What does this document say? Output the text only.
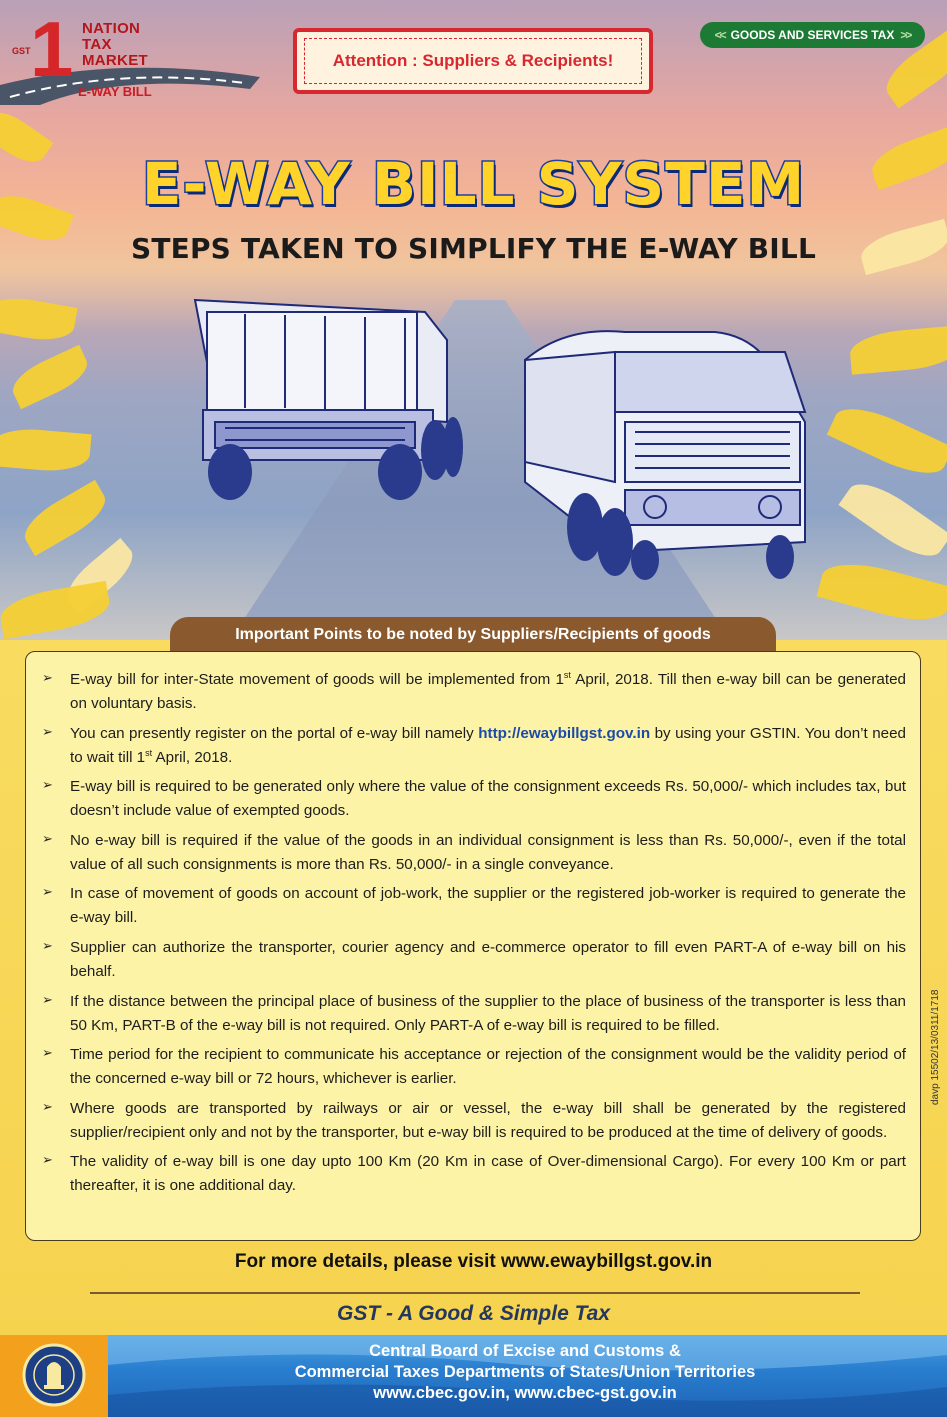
1
GST
NATION
TAX
MARKET
E-WAY BILL
Attention : Suppliers & Recipients!
<< GOODS AND SERVICES TAX >>
E-WAY BILL SYSTEM
STEPS TAKEN TO SIMPLIFY THE E-WAY BILL
Important Points to be noted by Suppliers/Recipients of goods
➢	E-way bill for inter-State movement of goods will be implemented from 1st April, 2018. Till then e-way bill can be generated on voluntary basis.
➢	You can presently register on the portal of e-way bill namely http://ewaybillgst.gov.in by using your GSTIN. You don’t need to wait till 1st April, 2018.
➢	E-way bill is required to be generated only where the value of the consignment exceeds Rs. 50,000/- which includes tax, but doesn’t include value of exempted goods.
➢	No e-way bill is required if the value of the goods in an individual consignment is less than Rs. 50,000/-, even if the total value of all such consignments is more than Rs. 50,000/- in a single conveyance.
➢	In case of movement of goods on account of job-work, the supplier or the registered job-worker is required to generate the e-way bill.
➢	Supplier can authorize the transporter, courier agency and e-commerce operator to fill even PART-A of e-way bill on his behalf.
➢	If the distance between the principal place of business of the supplier to the place of business of the transporter is less than 50 Km, PART-B of the e-way bill is not required. Only PART-A of e-way bill is required to be filled.
➢	Time period for the recipient to communicate his acceptance or rejection of the consignment would be the validity period of the concerned e-way bill or 72 hours, whichever is earlier.
➢	Where goods are transported by railways or air or vessel, the e-way bill shall be generated by the registered supplier/recipient only and not by the transporter, but e-way bill is required to be produced at the time of delivery of goods.
➢	The validity of e-way bill is one day upto 100 Km (20 Km in case of Over-dimensional Cargo). For every 100 Km or part thereafter, it is one additional day.
davp 15502/13/0311/1718
For more details, please visit www.ewaybillgst.gov.in
GST - A Good & Simple Tax
Central Board of Excise and Customs &
Commercial Taxes Departments of States/Union Territories
www.cbec.gov.in, www.cbec-gst.gov.in
